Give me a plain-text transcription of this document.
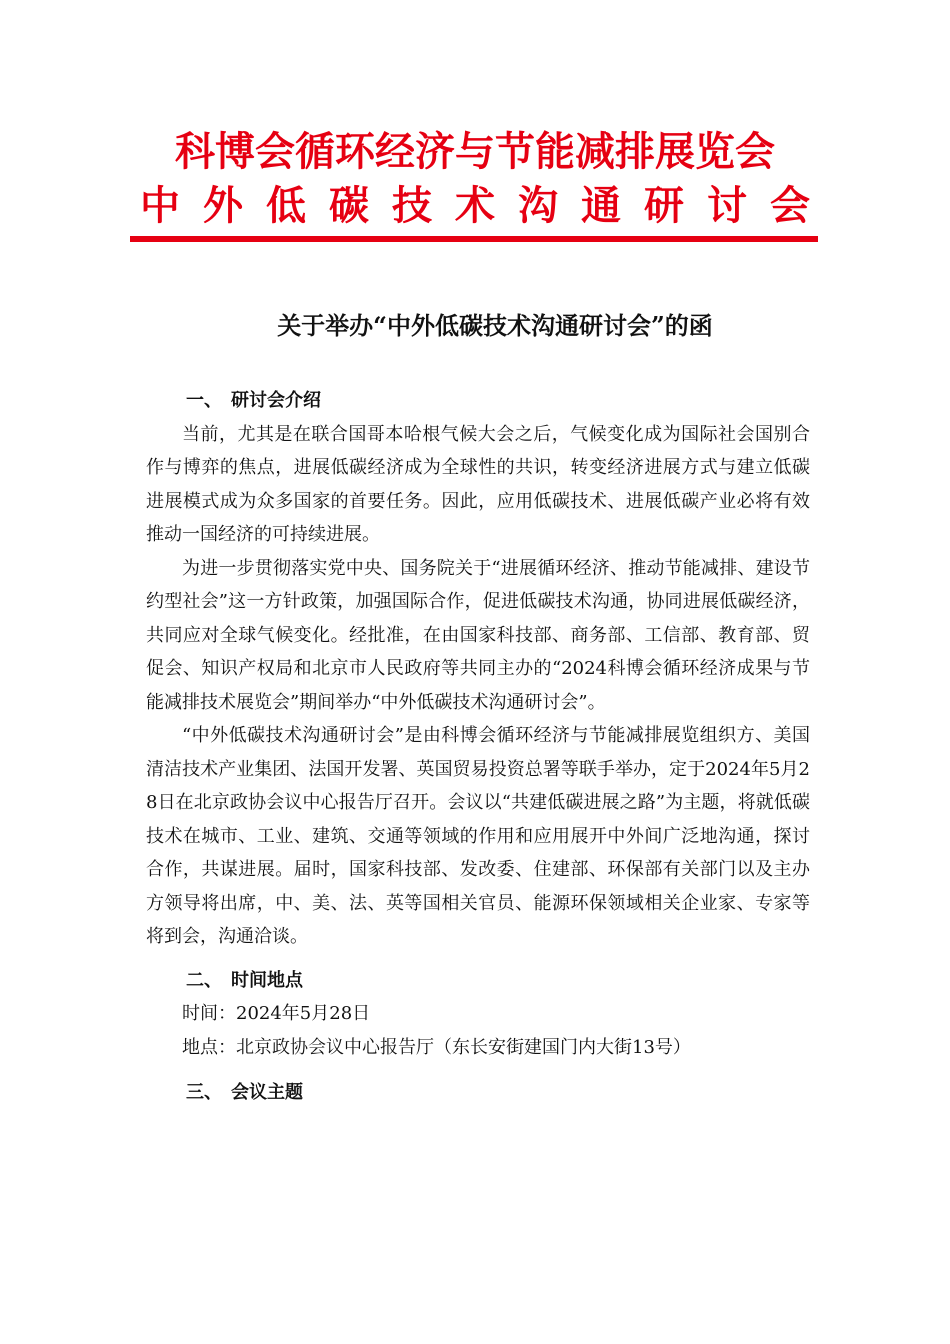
科博会循环经济与节能减排展览会
中外低碳技术沟通研讨会
关于举办“中外低碳技术沟通研讨会”的函

一、 研讨会介绍

当前，尤其是在联合国哥本哈根气候大会之后，气候变化成为国际社会国别合作与博弈的焦点，进展低碳经济成为全球性的共识，转变经济进展方式与建立低碳进展模式成为众多国家的首要任务。因此，应用低碳技术、进展低碳产业必将有效推动一国经济的可持续进展。

为进一步贯彻落实党中央、国务院关于“进展循环经济、推动节能减排、建设节约型社会”这一方针政策，加强国际合作，促进低碳技术沟通，协同进展低碳经济，共同应对全球气候变化。经批准，在由国家科技部、商务部、工信部、教育部、贸促会、知识产权局和北京市人民政府等共同主办的“2024科博会循环经济成果与节能减排技术展览会”期间举办“中外低碳技术沟通研讨会”。

“中外低碳技术沟通研讨会”是由科博会循环经济与节能减排展览组织方、美国清洁技术产业集团、法国开发署、英国贸易投资总署等联手举办，定于2024年5月28日在北京政协会议中心报告厅召开。会议以“共建低碳进展之路”为主题，将就低碳技术在城市、工业、建筑、交通等领域的作用和应用展开中外间广泛地沟通，探讨合作，共谋进展。届时，国家科技部、发改委、住建部、环保部有关部门以及主办方领导将出席，中、美、法、英等国相关官员、能源环保领域相关企业家、专家等将到会，沟通洽谈。

二、 时间地点

时间：2024年5月28日

地点：北京政协会议中心报告厅（东长安街建国门内大街13号）

三、 会议主题
